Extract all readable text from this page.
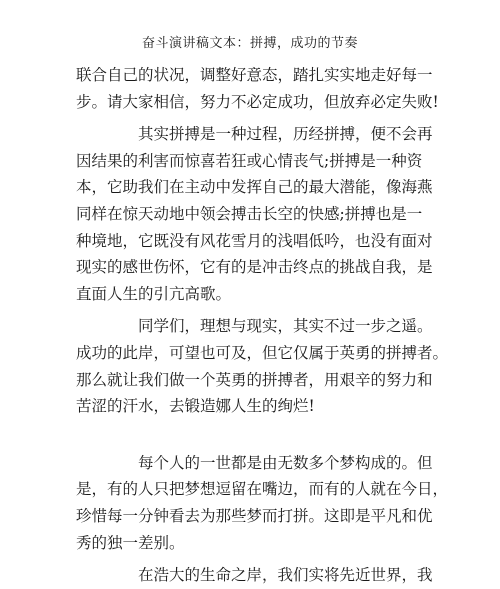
奋斗演讲稿文本：拼搏，成功的节奏
联合自己的状况，调整好意态，踏扎实实地走好每一
步。请大家相信，努力不必定成功，但放弃必定失败!
其实拼搏是一种过程，历经拼搏，便不会再
因结果的利害而惊喜若狂或心情丧气;拼搏是一种资
本，它助我们在主动中发挥自己的最大潜能，像海燕
同样在惊天动地中领会搏击长空的快感;拼搏也是一
种境地，它既没有风花雪月的浅唱低吟，也没有面对
现实的感世伤怀，它有的是冲击终点的挑战自我，是
直面人生的引亢高歌。
同学们，理想与现实，其实不过一步之遥。
成功的此岸，可望也可及，但它仅属于英勇的拼搏者。
那么就让我们做一个英勇的拼搏者，用艰辛的努力和
苦涩的汗水，去锻造娜人生的绚烂!
每个人的一世都是由无数多个梦构成的。但
是，有的人只把梦想逗留在嘴边，而有的人就在今日，
珍惜每一分钟看去为那些梦而打拼。这即是平凡和优
秀的独一差别。
在浩大的生命之岸，我们实将先近世界，我
